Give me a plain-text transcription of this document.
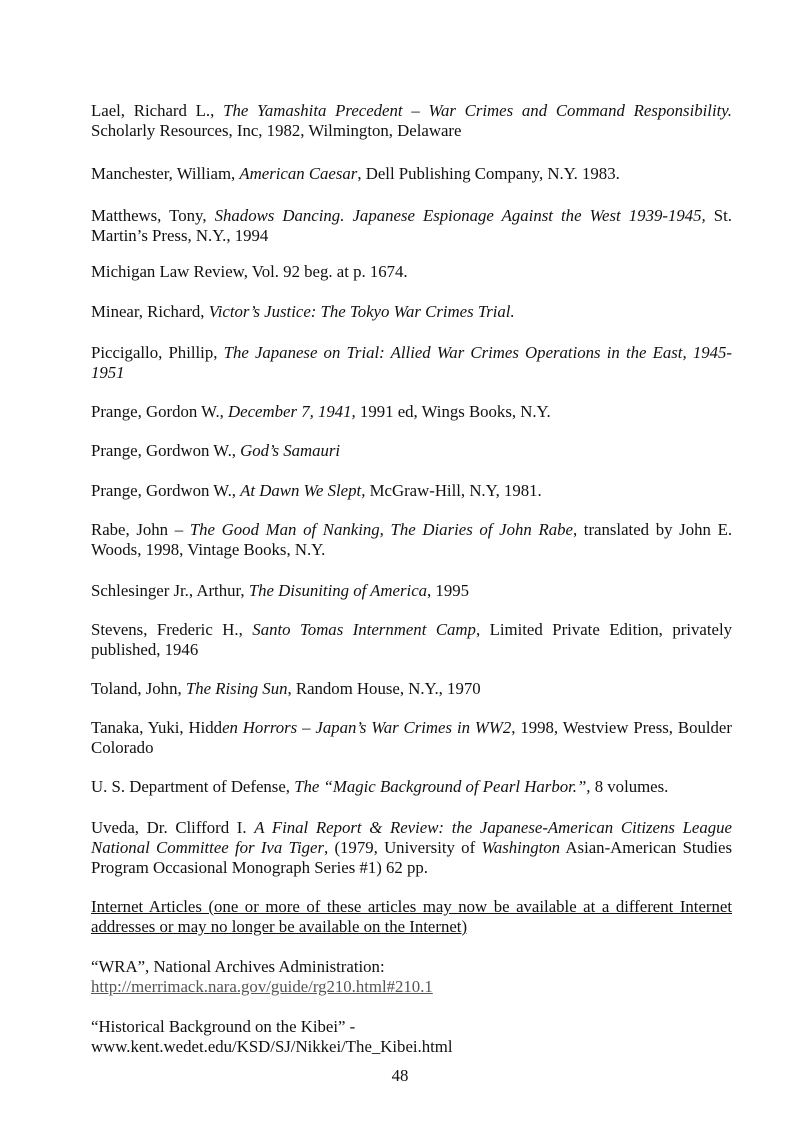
Lael, Richard L., The Yamashita Precedent – War Crimes and Command Responsibility. Scholarly Resources, Inc, 1982, Wilmington, Delaware

Manchester, William, American Caesar, Dell Publishing Company, N.Y. 1983.

Matthews, Tony, Shadows Dancing. Japanese Espionage Against the West 1939-1945, St. Martin’s Press, N.Y., 1994

Michigan Law Review, Vol. 92 beg. at p. 1674.

Minear, Richard, Victor’s Justice: The Tokyo War Crimes Trial.

Piccigallo, Phillip, The Japanese on Trial: Allied War Crimes Operations in the East, 1945-1951

Prange, Gordon W., December 7, 1941, 1991 ed, Wings Books, N.Y.

Prange, Gordwon W., God’s Samauri

Prange, Gordwon W., At Dawn We Slept, McGraw-Hill, N.Y, 1981.

Rabe, John – The Good Man of Nanking, The Diaries of John Rabe, translated by John E. Woods, 1998, Vintage Books, N.Y.

Schlesinger Jr., Arthur, The Disuniting of America, 1995

Stevens, Frederic H., Santo Tomas Internment Camp, Limited Private Edition, privately published, 1946

Toland, John, The Rising Sun, Random House, N.Y., 1970

Tanaka, Yuki, Hidden Horrors – Japan’s War Crimes in WW2, 1998, Westview Press, Boulder Colorado

U. S. Department of Defense, The “Magic Background of Pearl Harbor.”, 8 volumes.

Uveda, Dr. Clifford I. A Final Report & Review: the Japanese-American Citizens League National Committee for Iva Tiger, (1979, University of Washington Asian-American Studies Program Occasional Monograph Series #1) 62 pp.

Internet Articles (one or more of these articles may now be available at a different Internet addresses or may no longer be available on the Internet)

“WRA”, National Archives Administration:
http://merrimack.nara.gov/guide/rg210.html#210.1

“Historical Background on the Kibei” -
www.kent.wedet.edu/KSD/SJ/Nikkei/The_Kibei.html

48
